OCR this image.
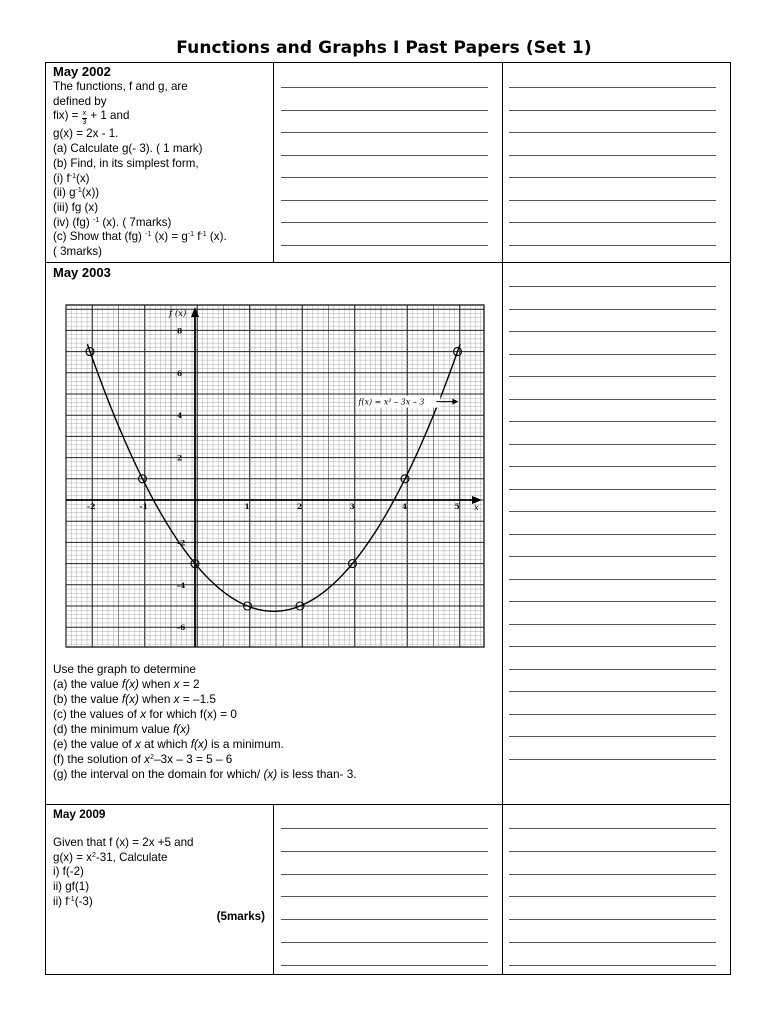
Functions and Graphs I Past Papers (Set 1)
May 2002
The functions, f and g, are
defined by
$fix) = \frac{x}{3} + 1$ and
g(x) = 2x - 1.
(a) Calculate g(- 3). ( 1 mark)
(b) Find, in its simplest form,
(i) $f^{-1}(x)$
(ii) $g^{-1}(x)$)
(iii) fg (x)
(iv) (fg) $^{-1}$ (x). ( 7marks)
(c) Show that (fg) $^{-1}$ $(x) = g^{-1}$ $f^{-1}$ (x).
( 3marks)
May 2003
f (x)
x
-2	-1	1	2	3	4	5
8
6
4
2
-2
-4
-6
f(x) = x² – 3x – 3
Use the graph to determine
(a) the value f(x) when x = 2
(b) the value f(x) when x = –1.5
(c) the values of x for which f(x) = 0
(d) the minimum value f(x)
(e) the value of x at which f(x) is a minimum.
(f) the solution of $x^2-3x - 3 = 5 - 6$
(g) the interval on the domain for which/ (x) is less than- 3.
May 2009
Given that f (x) = 2x +5 and
$g(x) = x^2-31$, Calculate
i) f(-2)
ii) gf(1)
ii) $f^{-1}(-3)$
(5marks)
